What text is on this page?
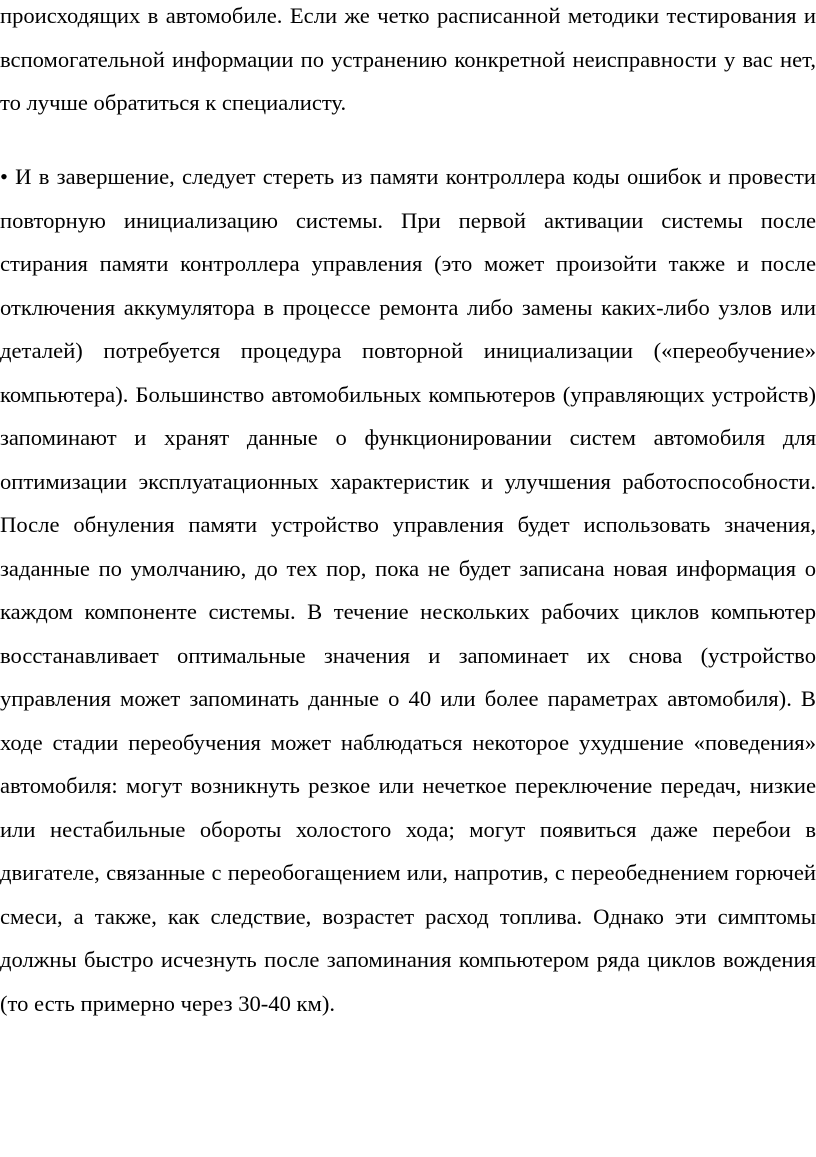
происходящих в автомобиле. Если же четко расписанной методики тестирования и вспомогательной информации по устранению конкретной неисправности у вас нет, то лучше обратиться к специалисту.

• И в завершение, следует стереть из памяти контроллера коды ошибок и провести повторную инициализацию системы. При первой активации системы после стирания памяти контроллера управления (это может произойти также и после отключения аккумулятора в процессе ремонта либо замены каких-либо узлов или деталей) потребуется процедура повторной инициализации («переобучение» компьютера). Большинство автомобильных компьютеров (управляющих устройств) запоминают и хранят данные о функционировании систем автомобиля для оптимизации эксплуатационных характеристик и улучшения работоспособности. После обнуления памяти устройство управления будет использовать значения, заданные по умолчанию, до тех пор, пока не будет записана новая информация о каждом компоненте системы. В течение нескольких рабочих циклов компьютер восстанавливает оптимальные значения и запоминает их снова (устройство управления может запоминать данные о 40 или более параметрах автомобиля). В ходе стадии переобучения может наблюдаться некоторое ухудшение «поведения» автомобиля: могут возникнуть резкое или нечеткое переключение передач, низкие или нестабильные обороты холостого хода; могут появиться даже перебои в двигателе, связанные с переобогащением или, напротив, с переобеднением горючей смеси, а также, как следствие, возрастет расход топлива. Однако эти симптомы должны быстро исчезнуть после запоминания компьютером ряда циклов вождения (то есть примерно через 30-40 км).
